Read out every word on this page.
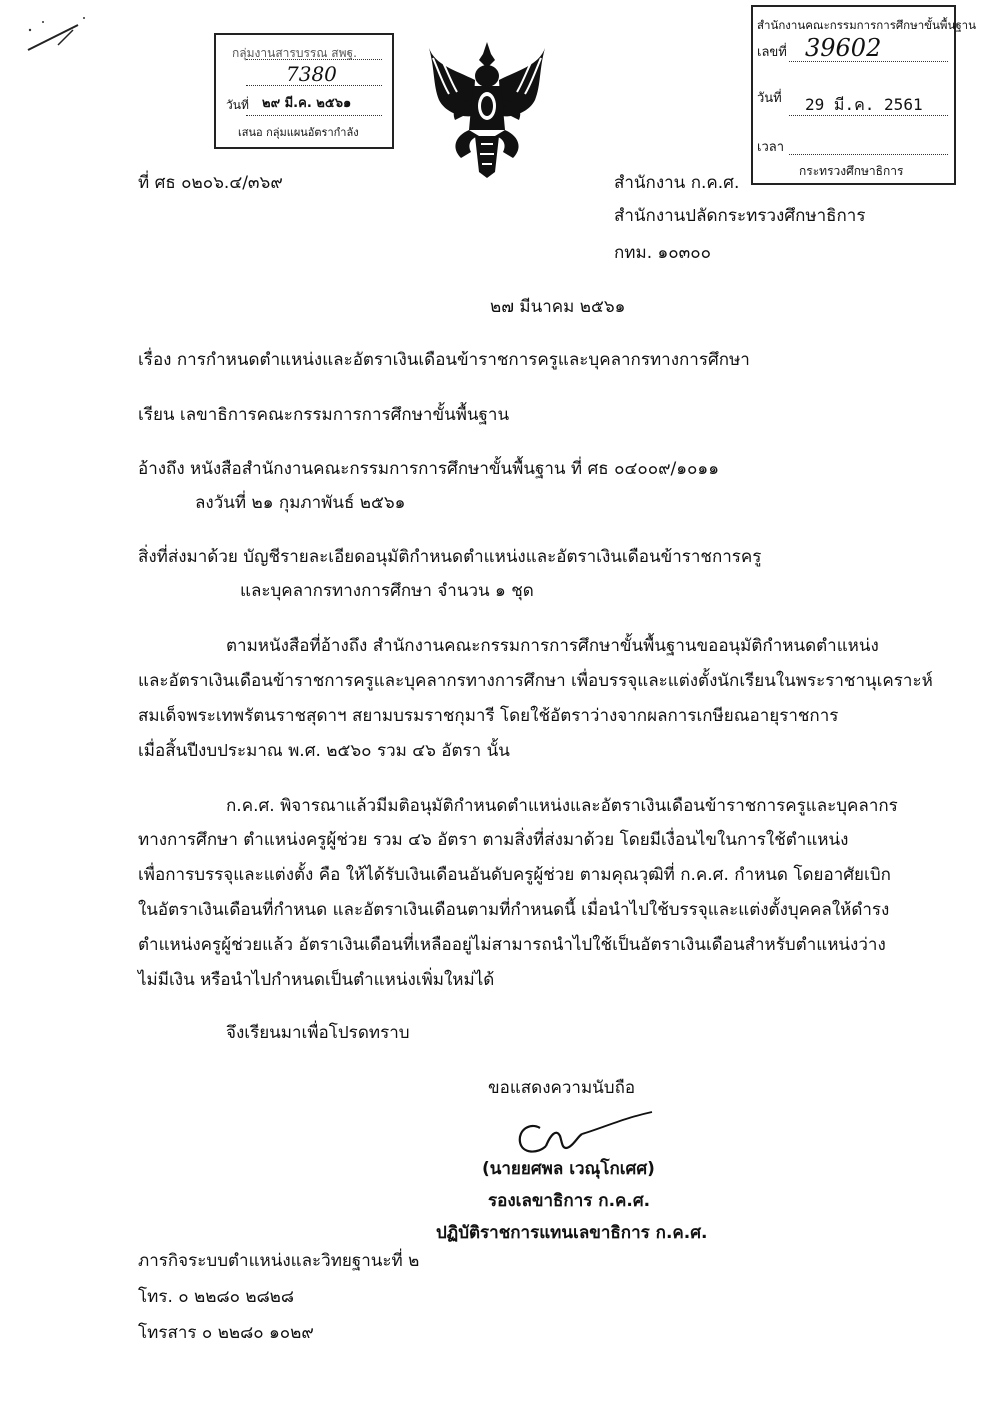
กลุ่มงานสารบรรณ สพฐ.
7380
วันที่ ๒๙ มี.ค. ๒๕๖๑
เสนอ กลุ่มแผนอัตรากำลัง
สำนักงานคณะกรรมการการศึกษาขั้นพื้นฐาน
เลขที่ 39602
วันที่ 29 มี.ค. 2561
เวลา
กระทรวงศึกษาธิการ
ที่ ศธ ๐๒๐๖.๔/๓๖๙	สำนักงาน ก.ค.ศ.
สำนักงานปลัดกระทรวงศึกษาธิการ
กทม. ๑๐๓๐๐
๒๗ มีนาคม ๒๕๖๑
เรื่อง การกำหนดตำแหน่งและอัตราเงินเดือนข้าราชการครูและบุคลากรทางการศึกษา
เรียน เลขาธิการคณะกรรมการการศึกษาขั้นพื้นฐาน
อ้างถึง หนังสือสำนักงานคณะกรรมการการศึกษาขั้นพื้นฐาน ที่ ศธ ๐๔๐๐๙/๑๐๑๑
ลงวันที่ ๒๑ กุมภาพันธ์ ๒๕๖๑
สิ่งที่ส่งมาด้วย บัญชีรายละเอียดอนุมัติกำหนดตำแหน่งและอัตราเงินเดือนข้าราชการครู
และบุคลากรทางการศึกษา จำนวน ๑ ชุด
ตามหนังสือที่อ้างถึง สำนักงานคณะกรรมการการศึกษาขั้นพื้นฐานขออนุมัติกำหนดตำแหน่ง
และอัตราเงินเดือนข้าราชการครูและบุคลากรทางการศึกษา เพื่อบรรจุและแต่งตั้งนักเรียนในพระราชานุเคราะห์
สมเด็จพระเทพรัตนราชสุดาฯ สยามบรมราชกุมารี โดยใช้อัตราว่างจากผลการเกษียณอายุราชการ
เมื่อสิ้นปีงบประมาณ พ.ศ. ๒๕๖๐ รวม ๔๖ อัตรา นั้น
ก.ค.ศ. พิจารณาแล้วมีมติอนุมัติกำหนดตำแหน่งและอัตราเงินเดือนข้าราชการครูและบุคลากร
ทางการศึกษา ตำแหน่งครูผู้ช่วย รวม ๔๖ อัตรา ตามสิ่งที่ส่งมาด้วย โดยมีเงื่อนไขในการใช้ตำแหน่ง
เพื่อการบรรจุและแต่งตั้ง คือ ให้ได้รับเงินเดือนอันดับครูผู้ช่วย ตามคุณวุฒิที่ ก.ค.ศ. กำหนด โดยอาศัยเบิก
ในอัตราเงินเดือนที่กำหนด และอัตราเงินเดือนตามที่กำหนดนี้ เมื่อนำไปใช้บรรจุและแต่งตั้งบุคคลให้ดำรง
ตำแหน่งครูผู้ช่วยแล้ว อัตราเงินเดือนที่เหลืออยู่ไม่สามารถนำไปใช้เป็นอัตราเงินเดือนสำหรับตำแหน่งว่าง
ไม่มีเงิน หรือนำไปกำหนดเป็นตำแหน่งเพิ่มใหม่ได้
จึงเรียนมาเพื่อโปรดทราบ
ขอแสดงความนับถือ
(นายยศพล เวณุโกเศศ)
รองเลขาธิการ ก.ค.ศ.
ปฏิบัติราชการแทนเลขาธิการ ก.ค.ศ.
ภารกิจระบบตำแหน่งและวิทยฐานะที่ ๒
โทร. ๐ ๒๒๘๐ ๒๘๒๘
โทรสาร ๐ ๒๒๘๐ ๑๐๒๙
